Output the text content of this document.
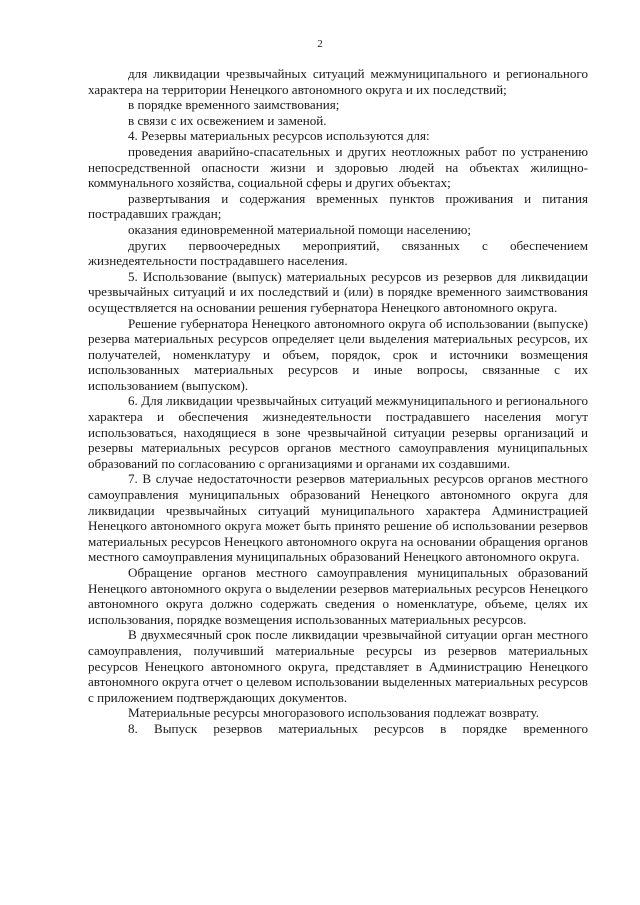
2

для ликвидации чрезвычайных ситуаций межмуниципального и регионального характера на территории Ненецкого автономного округа и их последствий;

в порядке временного заимствования;

в связи с их освежением и заменой.

4. Резервы материальных ресурсов используются для:

проведения аварийно-спасательных и других неотложных работ по устранению непосредственной опасности жизни и здоровью людей на объектах жилищно-коммунального хозяйства, социальной сферы и других объектах;

развертывания и содержания временных пунктов проживания и питания пострадавших граждан;

оказания единовременной материальной помощи населению;

других первоочередных мероприятий, связанных с обеспечением жизнедеятельности пострадавшего населения.

5. Использование (выпуск) материальных ресурсов из резервов для ликвидации чрезвычайных ситуаций и их последствий и (или) в порядке временного заимствования осуществляется на основании решения губернатора Ненецкого автономного округа.

Решение губернатора Ненецкого автономного округа об использовании (выпуске) резерва материальных ресурсов определяет цели выделения материальных ресурсов, их получателей, номенклатуру и объем, порядок, срок и источники возмещения использованных материальных ресурсов и иные вопросы, связанные с их использованием (выпуском).

6. Для ликвидации чрезвычайных ситуаций межмуниципального и регионального характера и обеспечения жизнедеятельности пострадавшего населения могут использоваться, находящиеся в зоне чрезвычайной ситуации резервы организаций и резервы материальных ресурсов органов местного самоуправления муниципальных образований по согласованию с организациями и органами их создавшими.

7. В случае недостаточности резервов материальных ресурсов органов местного самоуправления муниципальных образований Ненецкого автономного округа для ликвидации чрезвычайных ситуаций муниципального характера Администрацией Ненецкого автономного округа может быть принято решение об использовании резервов материальных ресурсов Ненецкого автономного округа на основании обращения органов местного самоуправления муниципальных образований Ненецкого автономного округа.

Обращение органов местного самоуправления муниципальных образований Ненецкого автономного округа о выделении резервов материальных ресурсов Ненецкого автономного округа должно содержать сведения о номенклатуре, объеме, целях их использования, порядке возмещения использованных материальных ресурсов.

В двухмесячный срок после ликвидации чрезвычайной ситуации орган местного самоуправления, получивший материальные ресурсы из резервов материальных ресурсов Ненецкого автономного округа, представляет в Администрацию Ненецкого автономного округа отчет о целевом использовании выделенных материальных ресурсов с приложением подтверждающих документов.

Материальные ресурсы многоразового использования подлежат возврату.

8. Выпуск резервов материальных ресурсов в порядке временного
